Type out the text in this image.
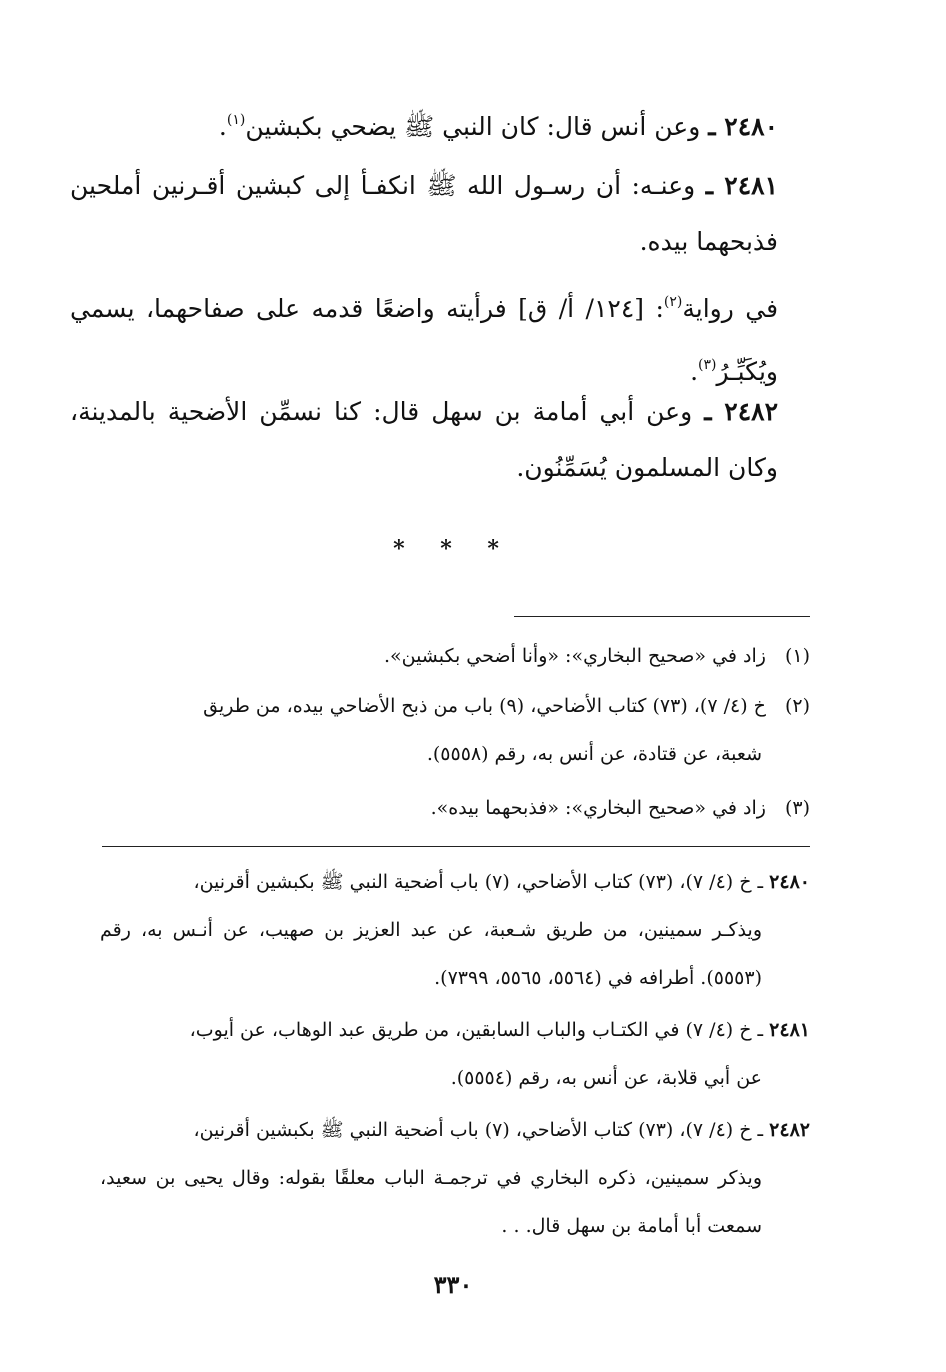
٢٤٨٠ ـ وعن أنس قال: كان النبي ﷺ يضحي بكبشين$^{(١)}$.
٢٤٨١ ـ وعنـه: أن رسـول الله ﷺ انكفـأ إلى كبشين أقـرنين أملحين فذبحهما بيده.
في رواية$^{(٢)}$: [١٢٤/ أ/ ق] فرأيته واضعًا قدمه على صفاحهما، يسمي ويُكَبِّـرُ$^{(٣)}$.
٢٤٨٢ ـ وعن أبي أمامة بن سهل قال: كنا نسمِّن الأضحية بالمدينة، وكان المسلمون يُسَمِّنُون.
* * *
(١) زاد في «صحيح البخاري»: «وأنا أضحي بكبشين».
(٢) خ (٤/ ٧)، (٧٣) كتاب الأضاحي، (٩) باب من ذبح الأضاحي بيده، من طريق
شعبة، عن قتادة، عن أنس به، رقم (٥٥٥٨).
(٣) زاد في «صحيح البخاري»: «فذبحهما بيده».
٢٤٨٠ ـ خ (٤/ ٧)، (٧٣) كتاب الأضاحي، (٧) باب أضحية النبي ﷺ بكبشين أقرنين،
ويذكـر سمينين، من طريق شـعبة، عن عبد العزيز بن صهيب، عن أنـس به، رقم (٥٥٥٣). أطرافه في (٥٥٦٤، ٥٥٦٥، ٧٣٩٩).
٢٤٨١ ـ خ (٤/ ٧) في الكتـاب والباب السابقين، من طريق عبد الوهاب، عن أيوب،
عن أبي قلابة، عن أنس به، رقم (٥٥٥٤).
٢٤٨٢ ـ خ (٤/ ٧)، (٧٣) كتاب الأضاحي، (٧) باب أضحية النبي ﷺ بكبشين أقرنين،
ويذكر سمينين، ذكره البخاري في ترجمـة الباب معلقًا بقوله: وقال يحيى بن سعيد، سمعت أبا أمامة بن سهل قال. . .
٣٣٠
